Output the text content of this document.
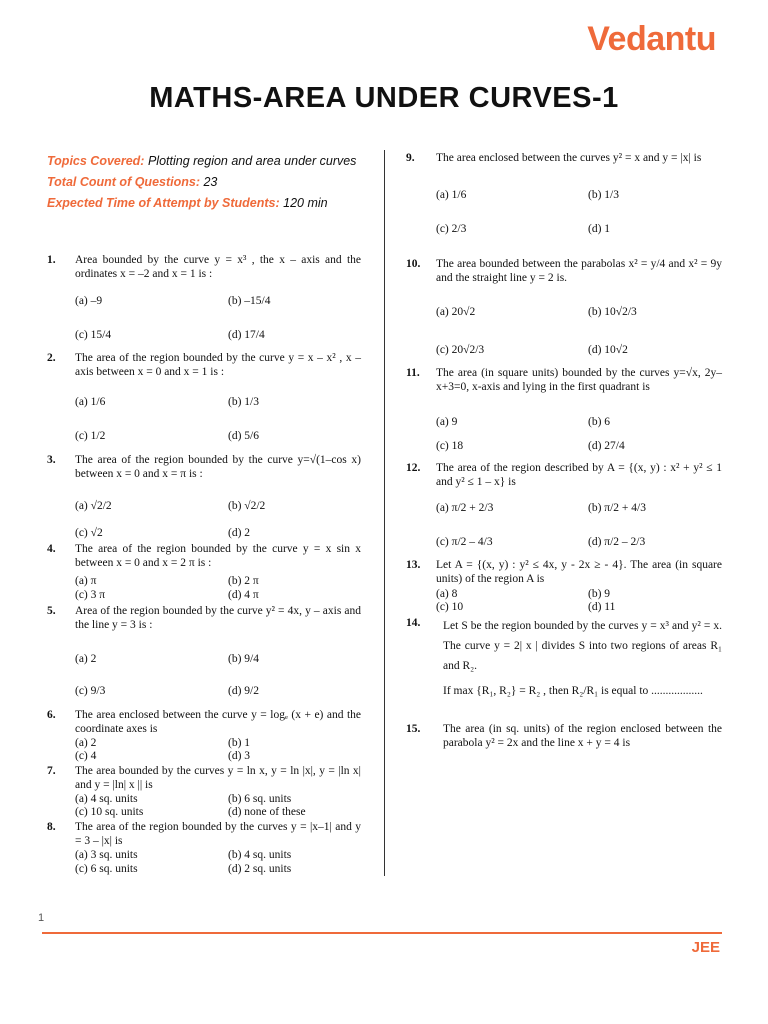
Vedantu
MATHS-AREA UNDER CURVES-1
Topics Covered: Plotting region and area under curves
Total Count of Questions: 23
Expected Time of Attempt by Students: 120 min
1. Area bounded by the curve y = x³ , the x – axis and the ordinates x = –2 and x = 1 is :
(a) –9	(b) –15/4
(c) 15/4	(d) 17/4
2. The area of the region bounded by the curve y = x – x² , x – axis between x = 0 and x = 1 is :
(a) 1/6	(b) 1/3
(c) 1/2	(d) 5/6
3. The area of the region bounded by the curve y=√(1–cos x) between x = 0 and x = π is :
(a) √2/2	(b) √2/2
(c) √2	(d) 2
4. The area of the region bounded by the curve y = x sin x between x = 0 and x = 2 π is :
(a) π	(b) 2 π
(c) 3 π	(d) 4 π
5. Area of the region bounded by the curve y² = 4x, y – axis and the line y = 3 is :
(a) 2	(b) 9/4
(c) 9/3	(d) 9/2
6. The area enclosed between the curve y = logₑ (x + e) and the coordinate axes is
(a) 2	(b) 1
(c) 4	(d) 3
7. The area bounded by the curves y = ln x, y = ln |x|, y = |ln x| and y = |ln| x || is
(a) 4 sq. units	(b) 6 sq. units
(c) 10 sq. units	(d) none of these
8. The area of the region bounded by the curves y = |x–1| and y = 3 – |x| is
(a) 3 sq. units	(b) 4 sq. units
(c) 6 sq. units	(d) 2 sq. units
9. The area enclosed between the curves y² = x and y = |x| is
(a) 1/6	(b) 1/3
(c) 2/3	(d) 1
10. The area bounded between the parabolas x² = y/4 and x² = 9y and the straight line y = 2 is.
(a) 20√2	(b) 10√2/3
(c) 20√2/3	(d) 10√2
11. The area (in square units) bounded by the curves y=√x, 2y–x+3=0, x-axis and lying in the first quadrant is
(a) 9	(b) 6
(c) 18	(d) 27/4
12. The area of the region described by A = {(x, y) : x² + y² ≤ 1 and y² ≤ 1 – x} is
(a) π/2 + 2/3	(b) π/2 + 4/3
(c) π/2 – 4/3	(d) π/2 – 2/3
13. Let A = {(x, y) : y² ≤ 4x, y - 2x ≥ - 4}. The area (in square units) of the region A is
(a) 8	(b) 9
(c) 10	(d) 11
14. Let S be the region bounded by the curves y = x³ and y² = x. The curve y = 2| x | divides S into two regions of areas R₁ and R₂.
If max {R₁, R₂} = R₂ , then R₂/R₁ is equal to ..................
15. The area (in sq. units) of the region enclosed between the parabola y² = 2x and the line x + y = 4 is
1
JEE
